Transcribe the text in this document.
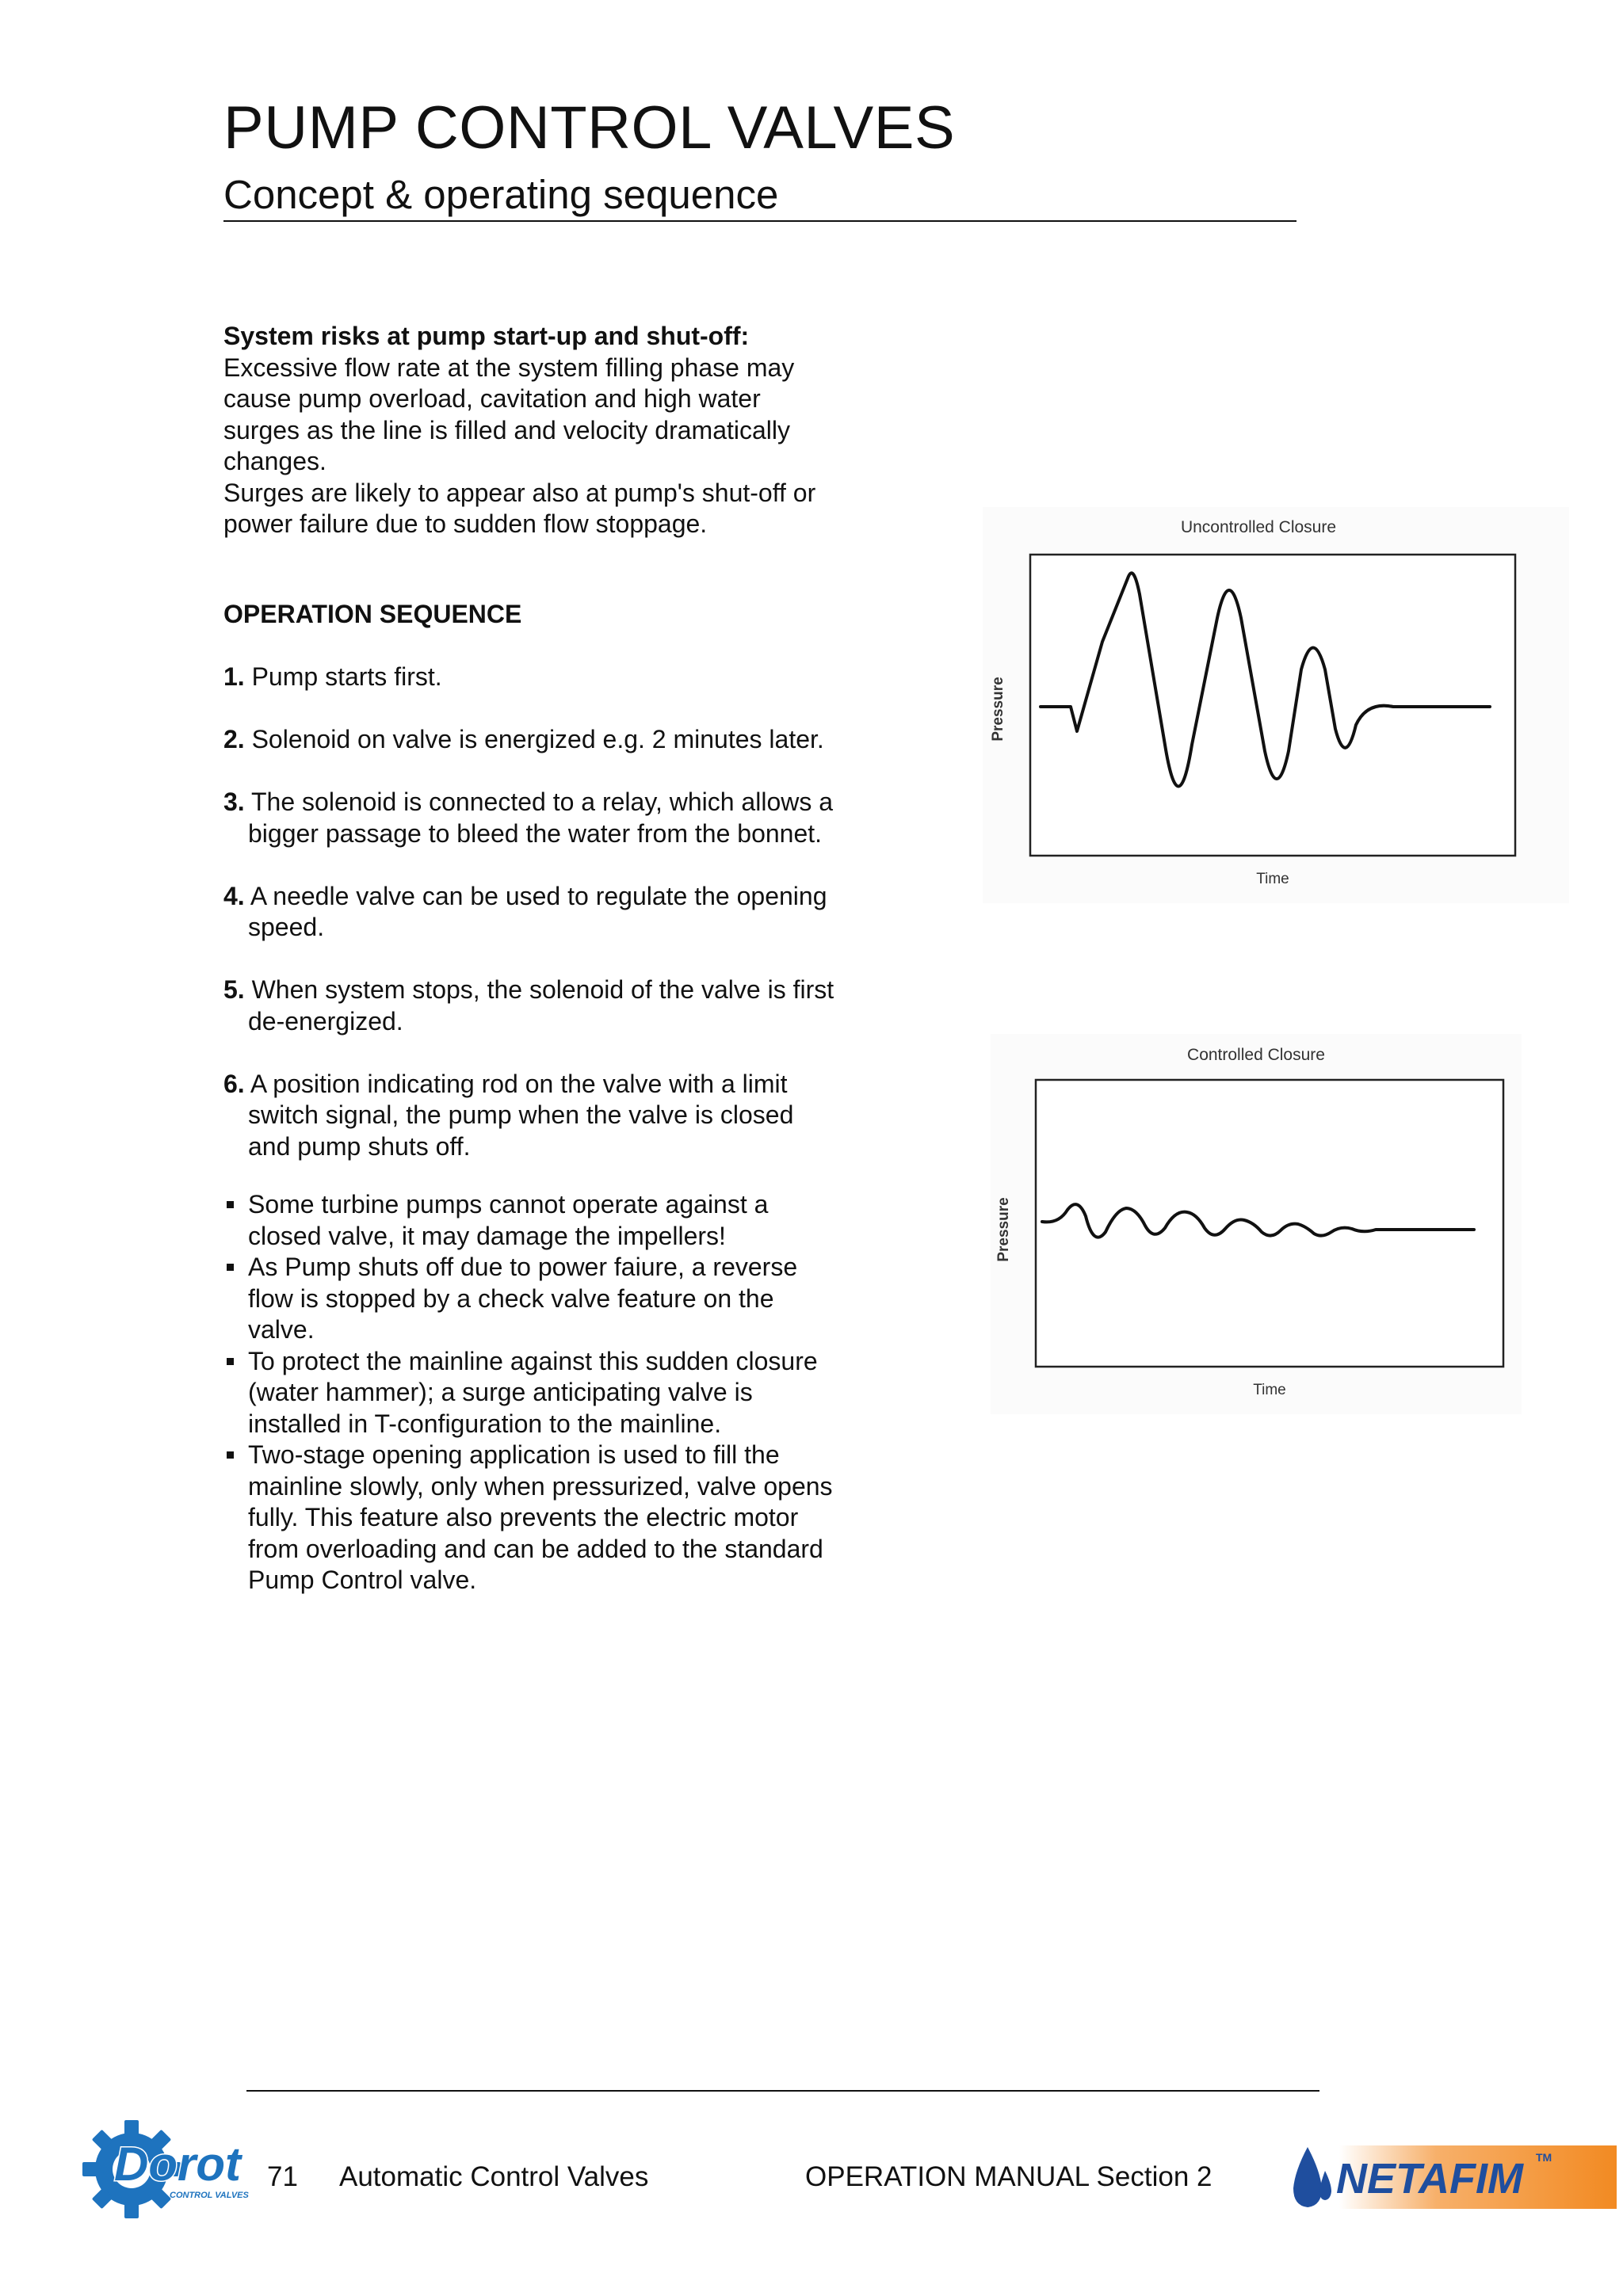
PUMP CONTROL VALVES
Concept & operating sequence
System risks at pump start-up and shut-off:
Excessive flow rate at the system filling phase may
cause pump overload, cavitation and high water
surges as the line is filled and velocity dramatically
changes.
Surges are likely to appear also at pump's shut-off or
power failure due to sudden flow stoppage.
OPERATION SEQUENCE
1. Pump starts first.
2. Solenoid on valve is energized e.g. 2 minutes later.
3. The solenoid is connected to a relay, which allows a
bigger passage to bleed the water from the bonnet.
4. A needle valve can be used to regulate the opening
speed.
5. When system stops, the solenoid of the valve is first
de-energized.
6. A position indicating rod on the valve with a limit
switch signal, the pump when the valve is closed
and pump shuts off.
Some turbine pumps cannot operate against a
closed valve, it may damage the impellers!
As Pump shuts off due to power faiure, a reverse
flow is stopped by a check valve feature on the
valve.
To protect the mainline against this sudden closure
(water hammer); a surge anticipating valve is
installed in T-configuration to the mainline.
Two-stage opening application is used to fill the
mainline slowly, only when pressurized, valve opens
fully. This feature also prevents the electric motor
from overloading and can be added to the standard
Pump Control valve.
Uncontrolled Closure
Pressure
Time
Controlled Closure
Pressure
Time
Dorot
CONTROL VALVES
71 Automatic Control Valves	OPERATION MANUAL Section 2	NETAFIM TM
